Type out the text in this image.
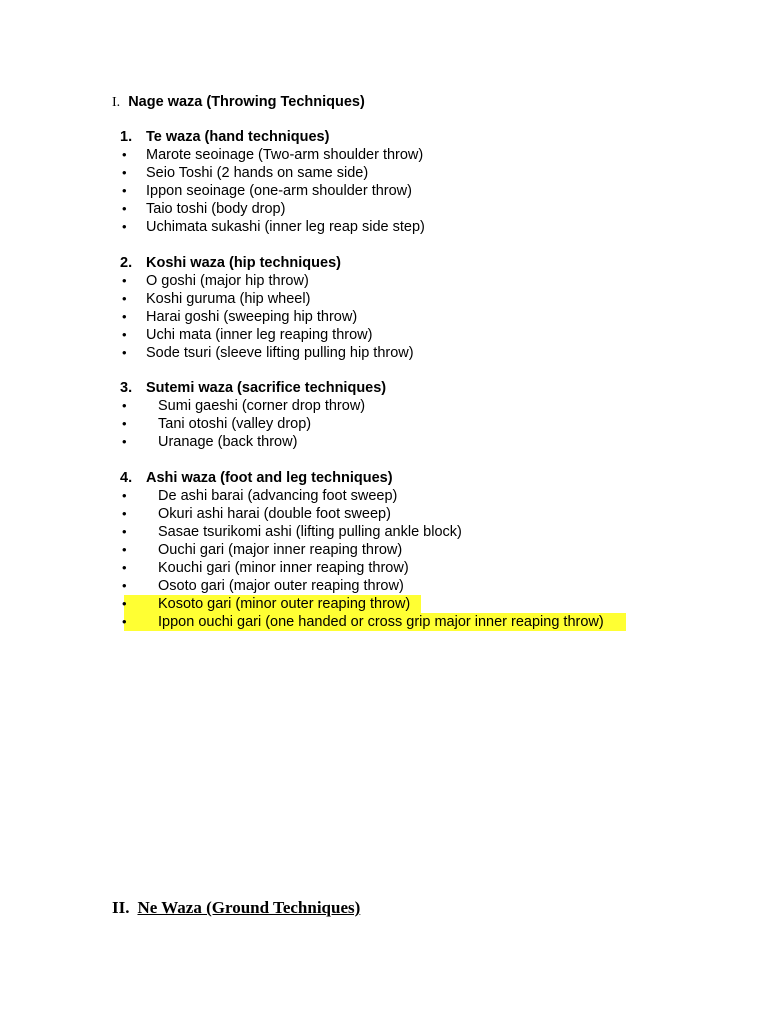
I. Nage waza (Throwing Techniques)
1. Te waza (hand techniques)
• Marote seoinage (Two-arm shoulder throw)
• Seio Toshi (2 hands on same side)
• Ippon seoinage (one-arm shoulder throw)
• Taio toshi (body drop)
• Uchimata sukashi (inner leg reap side step)
2. Koshi waza (hip techniques)
• O goshi (major hip throw)
• Koshi guruma (hip wheel)
• Harai goshi (sweeping hip throw)
• Uchi mata (inner leg reaping throw)
• Sode tsuri (sleeve lifting pulling hip throw)
3. Sutemi waza (sacrifice techniques)
• Sumi gaeshi (corner drop throw)
• Tani otoshi (valley drop)
• Uranage (back throw)
4. Ashi waza (foot and leg techniques)
• De ashi barai (advancing foot sweep)
• Okuri ashi harai (double foot sweep)
• Sasae tsurikomi ashi (lifting pulling ankle block)
• Ouchi gari (major inner reaping throw)
• Kouchi gari (minor inner reaping throw)
• Osoto gari (major outer reaping throw)
• Kosoto gari (minor outer reaping throw)
• Ippon ouchi gari (one handed or cross grip major inner reaping throw)
II. Ne Waza (Ground Techniques)
